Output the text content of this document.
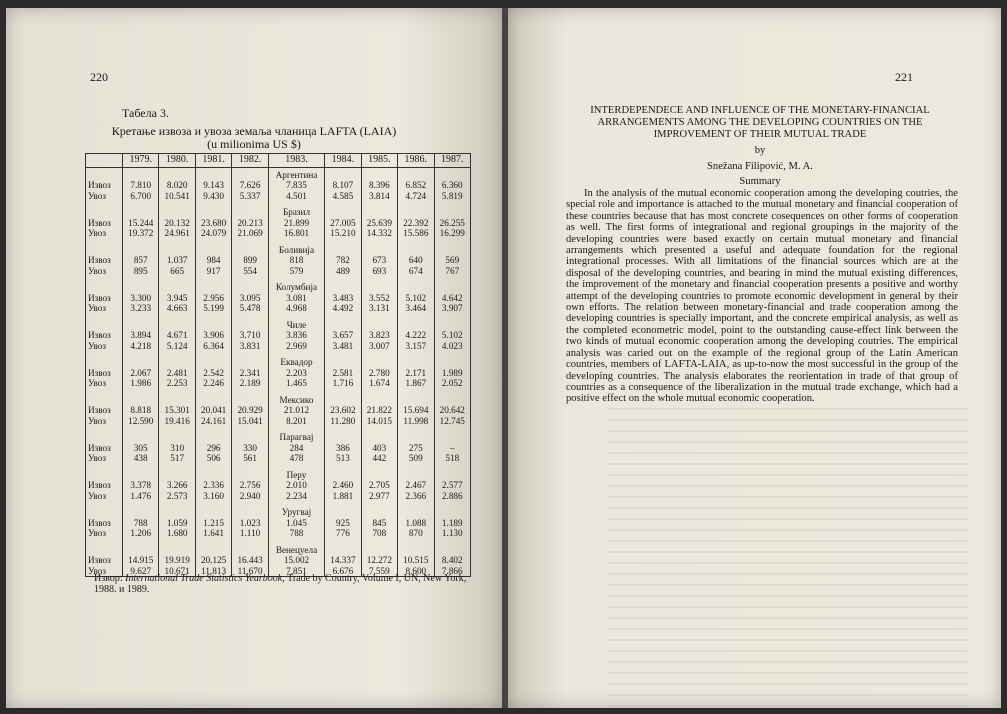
220
Табела 3.
Кретање извоза и увоза земаља чланица LAFTA (LAIA)
(u milionima US $)
	1979.	1980.	1981.	1982.	1983.	1984.	1985.	1986.	1987.
					Аргентина				
Извоз	7.810	8.020	9.143	7.626	7.835	8.107	8.396	6.852	6.360
Увоз	6.700	10.541	9.430	5.337	4.501	4.585	3.814	4.724	5.819
					Бразил				
Извоз	15.244	20.132	23.680	20.213	21.899	27.005	25.639	22.392	26.255
Увоз	19.372	24.961	24.079	21.069	16.801	15.210	14.332	15.586	16.299
					Боливија				
Извоз	857	1.037	984	899	818	782	673	640	569
Увоз	895	665	917	554	579	489	693	674	767
					Колумбија				
Извоз	3.300	3.945	2.956	3.095	3.081	3.483	3.552	5.102	4.642
Увоз	3.233	4.663	5.199	5.478	4.968	4.492	3.131	3.464	3.907
					Чиле				
Извоз	3.894	4.671	3.906	3.710	3.836	3.657	3.823	4.222	5.102
Увоз	4.218	5.124	6.364	3.831	2.969	3.481	3.007	3.157	4.023
					Еквадор				
Извоз	2.067	2.481	2.542	2.341	2.203	2.581	2.780	2.171	1.989
Увоз	1.986	2.253	2.246	2.189	1.465	1.716	1.674	1.867	2.052
					Мексико				
Извоз	8.818	15.301	20.041	20.929	21.012	23.602	21.822	15.694	20.642
Увоз	12.590	19.416	24.161	15.041	8.201	11.280	14.015	11.998	12.745
					Парагвај				
Извоз	305	310	296	330	284	386	403	275	–
Увоз	438	517	506	561	478	513	442	509	518
					Перу				
Извоз	3.378	3.266	2.336	2.756	2.010	2.460	2.705	2.467	2.577
Увоз	1.476	2.573	3.160	2.940	2.234	1.881	2.977	2.366	2.886
					Уругвај				
Извоз	788	1.059	1.215	1.023	1.045	925	845	1.088	1.189
Увоз	1.206	1.680	1.641	1.110	788	776	708	870	1.130
					Венецуела				
Извоз	14.915	19.919	20.125	16.443	15.002	14.337	12.272	10.515	8.402
Увоз	9.627	10.671	11.813	11.670	7.851	6.676	7.559	8.600	7.866
Извор: International Trade Statistics Yearbook, Trade by Country, Volume I, UN, New York, 1988. и 1989.
221
INTERDEPENDECE AND INFLUENCE OF THE MONETARY-FINANCIAL ARRANGEMENTS AMONG THE DEVELOPING COUNTRIES ON THE IMPROVEMENT OF THEIR MUTUAL TRADE
by
Snežana Filipović, M. A.
Summary
In the analysis of the mutual economic cooperation among the developing coutries, the special role and importance is attached to the mutual monetary and financial cooperation of these countries because that has most concrete cosequences on other forms of cooperation as well. The first forms of integrational and regional groupings in the majority of the developing countries were based exactly on certain mutual monetary and financial arrangements which presented a useful and adequate foundation for the regional integrational processes. With all limitations of the financial sources which are at the disposal of the developing countries, and bearing in mind the mutual existing differences, the improvement of the monetary and financial cooperation presents a positive and worthy attempt of the developing countries to promote economic development in general by their own efforts. The relation between monetary-financial and trade cooperation among the developing countries is specially important, and the concrete empirical analysis, as well as the completed econometric model, point to the outstanding cause-effect link between the two kinds of mutual economic cooperation among the developing coutries. The empirical analysis was caried out on the example of the regional group of the Latin American countries, members of LAFTA-LAIA, as up-to-now the most successful in the group of the developing countries. The analysis elaborates the reorientation in trade of that group of countries as a consequence of the liberalization in the mutual trade exchange, which had a positive effect on the whole mutual economic cooperation.
